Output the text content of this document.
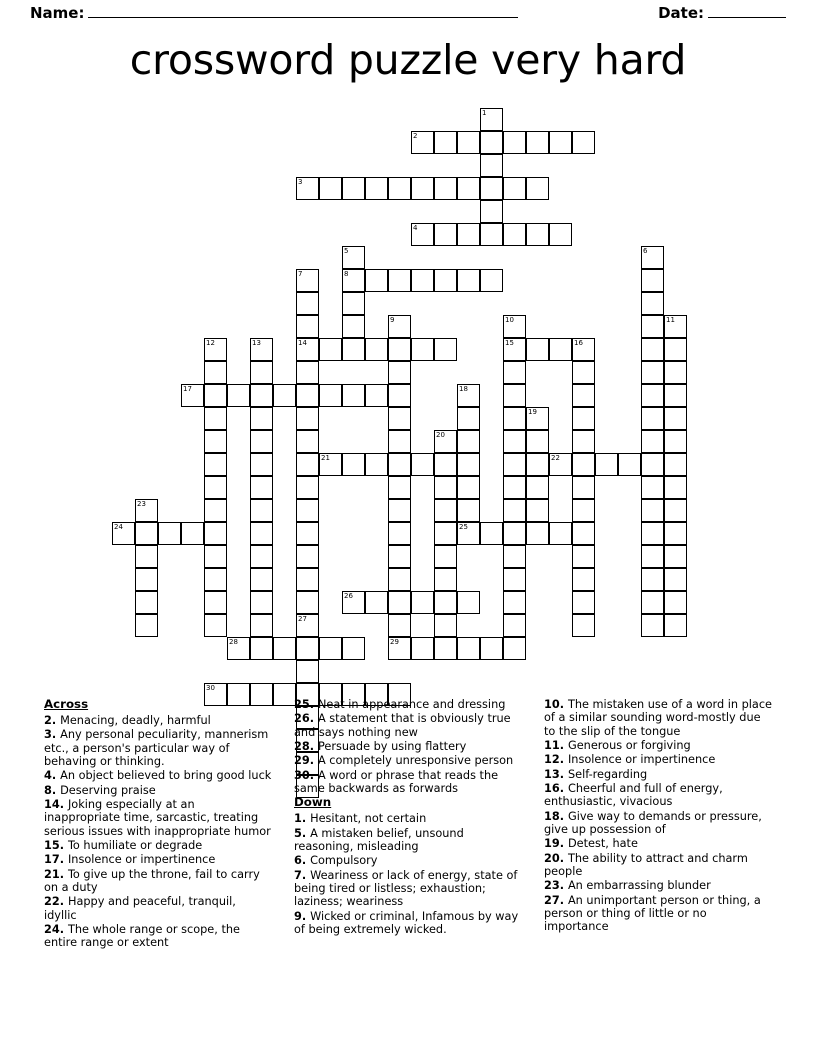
Name:	Date:
crossword puzzle very hard
1
2
3
4
5	6
7	8
9	10	11
12	13	14	15	16
17	18
19
20
21	22
23
24	25
26
27
28	29
30
Across
2. Menacing, deadly, harmful
3. Any personal peculiarity, mannerism etc., a person's particular way of behaving or thinking.
4. An object believed to bring good luck
8. Deserving praise
14. Joking especially at an inappropriate time, sarcastic, treating serious issues with inappropriate humor
15. To humiliate or degrade
17. Insolence or impertinence
21. To give up the throne, fail to carry on a duty
22. Happy and peaceful, tranquil, idyllic
24. The whole range or scope, the entire range or extent
25. Neat in appearance and dressing
26. A statement that is obviously true and says nothing new
28. Persuade by using flattery
29. A completely unresponsive person
30. A word or phrase that reads the same backwards as forwards
Down
1. Hesitant, not certain
5. A mistaken belief, unsound reasoning, misleading
6. Compulsory
7. Weariness or lack of energy, state of being tired or listless; exhaustion; laziness; weariness
9. Wicked or criminal, Infamous by way of being extremely wicked.
10. The mistaken use of a word in place of a similar sounding word-mostly due to the slip of the tongue
11. Generous or forgiving
12. Insolence or impertinence
13. Self-regarding
16. Cheerful and full of energy, enthusiastic, vivacious
18. Give way to demands or pressure, give up possession of
19. Detest, hate
20. The ability to attract and charm people
23. An embarrassing blunder
27. An unimportant person or thing, a person or thing of little or no importance
